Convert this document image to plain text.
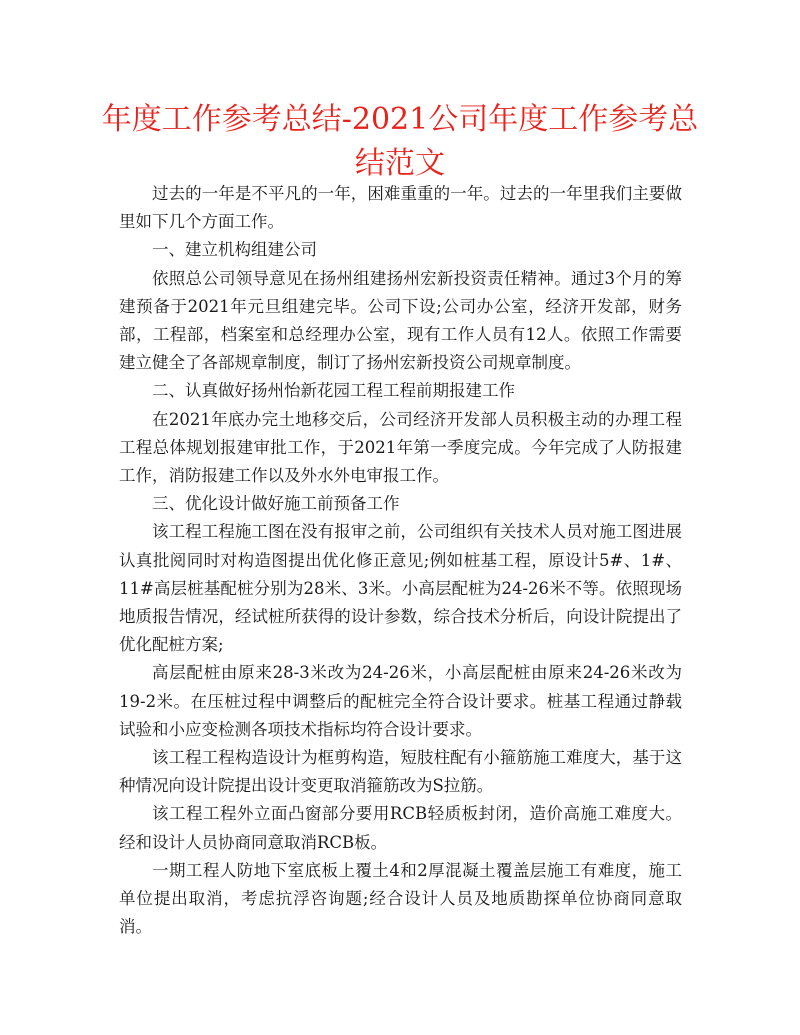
年度工作参考总结-2021公司年度工作参考总结范文

过去的一年是不平凡的一年，困难重重的一年。过去的一年里我们主要做里如下几个方面工作。

一、建立机构组建公司

依照总公司领导意见在扬州组建扬州宏新投资责任精神。通过3个月的筹建预备于2021年元旦组建完毕。公司下设;公司办公室，经济开发部，财务部，工程部，档案室和总经理办公室，现有工作人员有12人。依照工作需要建立健全了各部规章制度，制订了扬州宏新投资公司规章制度。

二、认真做好扬州怡新花园工程工程前期报建工作

在2021年底办完土地移交后，公司经济开发部人员积极主动的办理工程工程总体规划报建审批工作，于2021年第一季度完成。今年完成了人防报建工作，消防报建工作以及外水外电审报工作。

三、优化设计做好施工前预备工作

该工程工程施工图在没有报审之前，公司组织有关技术人员对施工图进展认真批阅同时对构造图提出优化修正意见;例如桩基工程，原设计5#、1#、11#高层桩基配桩分别为28米、3米。小高层配桩为24-26米不等。依照现场地质报告情况，经试桩所获得的设计参数，综合技术分析后，向设计院提出了优化配桩方案;

高层配桩由原来28-3米改为24-26米，小高层配桩由原来24-26米改为19-2米。在压桩过程中调整后的配桩完全符合设计要求。桩基工程通过静载试验和小应变检测各项技术指标均符合设计要求。

该工程工程构造设计为框剪构造，短肢柱配有小箍筋施工难度大，基于这种情况向设计院提出设计变更取消箍筋改为S拉筋。

该工程工程外立面凸窗部分要用RCB轻质板封闭，造价高施工难度大。经和设计人员协商同意取消RCB板。

一期工程人防地下室底板上覆土4和2厚混凝土覆盖层施工有难度，施工单位提出取消，考虑抗浮咨询题;经合设计人员及地质勘探单位协商同意取消。
